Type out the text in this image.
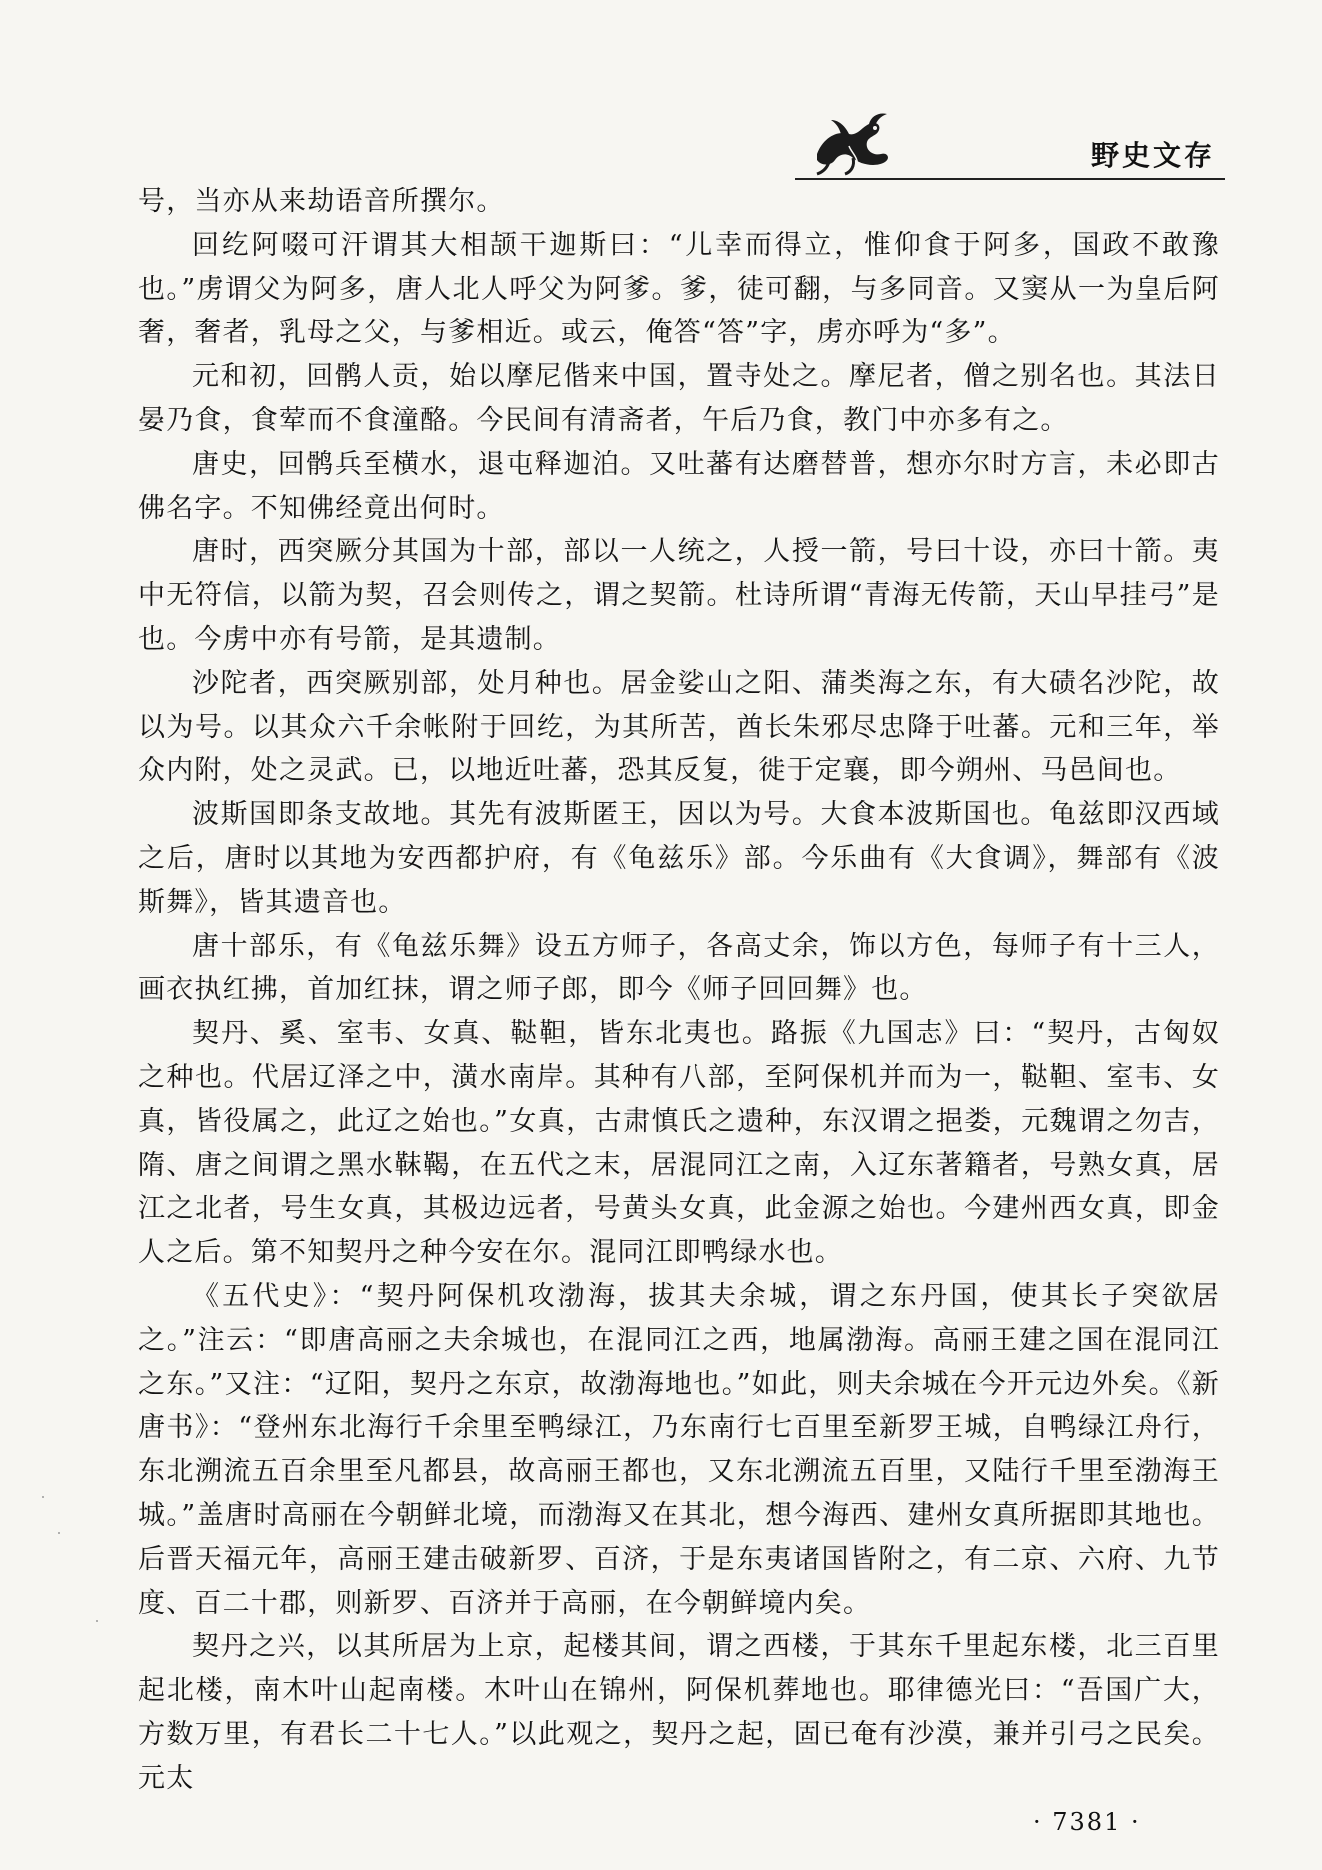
野史文存

号，当亦从来劫语音所撰尔。

回纥阿啜可汗谓其大相颉干迦斯曰：“儿幸而得立，惟仰食于阿多，国政不敢豫也。”虏谓父为阿多，唐人北人呼父为阿爹。爹，徒可翻，与多同音。又窦从一为皇后阿奢，奢者，乳母之父，与爹相近。或云，俺答“答”字，虏亦呼为“多”。

元和初，回鹘人贡，始以摩尼偕来中国，置寺处之。摩尼者，僧之别名也。其法日晏乃食，食荤而不食潼酪。今民间有清斋者，午后乃食，教门中亦多有之。

唐史，回鹘兵至横水，退屯释迦泊。又吐蕃有达磨替普，想亦尔时方言，未必即古佛名字。不知佛经竟出何时。

唐时，西突厥分其国为十部，部以一人统之，人授一箭，号曰十设，亦曰十箭。夷中无符信，以箭为契，召会则传之，谓之契箭。杜诗所谓“青海无传箭，天山早挂弓”是也。今虏中亦有号箭，是其遗制。

沙陀者，西突厥别部，处月种也。居金娑山之阳、蒲类海之东，有大碛名沙陀，故以为号。以其众六千余帐附于回纥，为其所苦，酋长朱邪尽忠降于吐蕃。元和三年，举众内附，处之灵武。已，以地近吐蕃，恐其反复，徙于定襄，即今朔州、马邑间也。

波斯国即条支故地。其先有波斯匿王，因以为号。大食本波斯国也。龟兹即汉西域之后，唐时以其地为安西都护府，有《龟兹乐》部。今乐曲有《大食调》，舞部有《波斯舞》，皆其遗音也。

唐十部乐，有《龟兹乐舞》设五方师子，各高丈余，饰以方色，每师子有十三人，画衣执红拂，首加红抹，谓之师子郎，即今《师子回回舞》也。

契丹、奚、室韦、女真、鞑靼，皆东北夷也。路振《九国志》曰：“契丹，古匈奴之种也。代居辽泽之中，潢水南岸。其种有八部，至阿保机并而为一，鞑靼、室韦、女真，皆役属之，此辽之始也。”女真，古肃慎氏之遗种，东汉谓之挹娄，元魏谓之勿吉，隋、唐之间谓之黑水靺鞨，在五代之末，居混同江之南，入辽东著籍者，号熟女真，居江之北者，号生女真，其极边远者，号黄头女真，此金源之始也。今建州西女真，即金人之后。第不知契丹之种今安在尔。混同江即鸭绿水也。

《五代史》：“契丹阿保机攻渤海，拔其夫余城，谓之东丹国，使其长子突欲居之。”注云：“即唐高丽之夫余城也，在混同江之西，地属渤海。高丽王建之国在混同江之东。”又注：“辽阳，契丹之东京，故渤海地也。”如此，则夫余城在今开元边外矣。《新唐书》：“登州东北海行千余里至鸭绿江，乃东南行七百里至新罗王城，自鸭绿江舟行，东北溯流五百余里至凡都县，故高丽王都也，又东北溯流五百里，又陆行千里至渤海王城。”盖唐时高丽在今朝鲜北境，而渤海又在其北，想今海西、建州女真所据即其地也。后晋天福元年，高丽王建击破新罗、百济，于是东夷诸国皆附之，有二京、六府、九节度、百二十郡，则新罗、百济并于高丽，在今朝鲜境内矣。

契丹之兴，以其所居为上京，起楼其间，谓之西楼，于其东千里起东楼，北三百里起北楼，南木叶山起南楼。木叶山在锦州，阿保机葬地也。耶律德光曰：“吾国广大，方数万里，有君长二十七人。”以此观之，契丹之起，固已奄有沙漠，兼并引弓之民矣。元太

· 7381 ·
